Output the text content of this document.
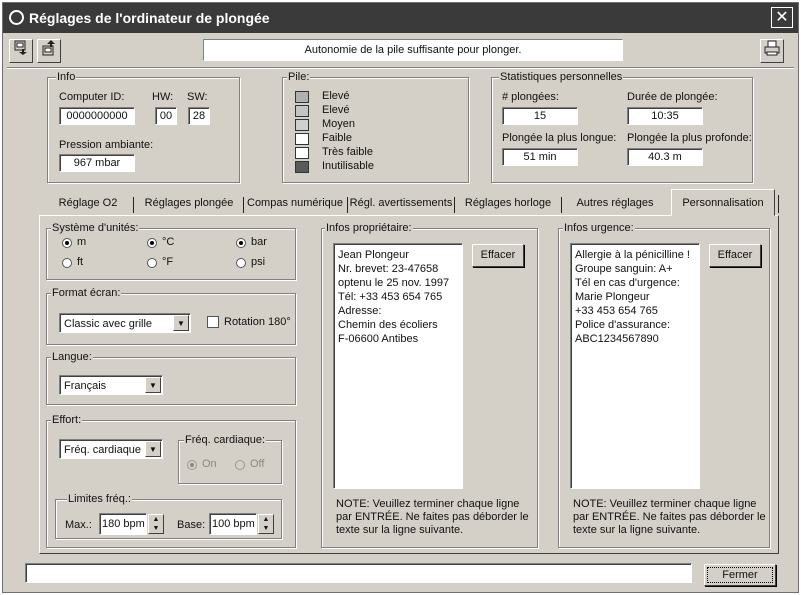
Réglages de l'ordinateur de plongée	✕
Autonomie de la pile suffisante pour plonger.
Info
Computer ID:
0000000000
HW:
00
SW:
28
Pression ambiante:
967 mbar
Pile:	Statistiques personnelles
# plongées:
15
Durée de plongée:
10:35
Plongée la plus longue:
51 min
Plongée la plus profonde:
40.3 m
Réglage O2	Réglages plongée	Compas numérique Régl. avertissements	Réglages horloge	Autres réglages	Personnalisation
Système d'unités:
m	°C	bar
ft	°F	psi
Format écran:
Classic avec grille	▼	Rotation 180°
Langue:
Français	▼
Effort:
Fréq. cardiaque ▼
Fréq. cardiaque:
On	Off
Limites fréq.:
Max.: 180 bpm	▲
▼	Base: 100 bpm	▲
▼
Infos propriétaire:
Jean Plongeur
Nr. brevet: 23-47658
optenu le 25 nov. 1997
Tél: +33 453 654 765
Adresse:
Chemin des écoliers
F-06600 Antibes
Effacer
NOTE: Veuillez terminer chaque ligne par ENTRÉE. Ne faites pas déborder le texte sur la ligne suivante.
Infos urgence:
Allergie à la pénicilline !
Groupe sanguin: A+
Tél en cas d'urgence:
Marie Plongeur
+33 453 654 765
Police d'assurance:
ABC1234567890
Effacer
NOTE: Veuillez terminer chaque ligne par ENTRÉE. Ne faites pas déborder le texte sur la ligne suivante.
Fermer
Elevé
Elevé
Moyen
Faible
Très faible
Inutilisable
